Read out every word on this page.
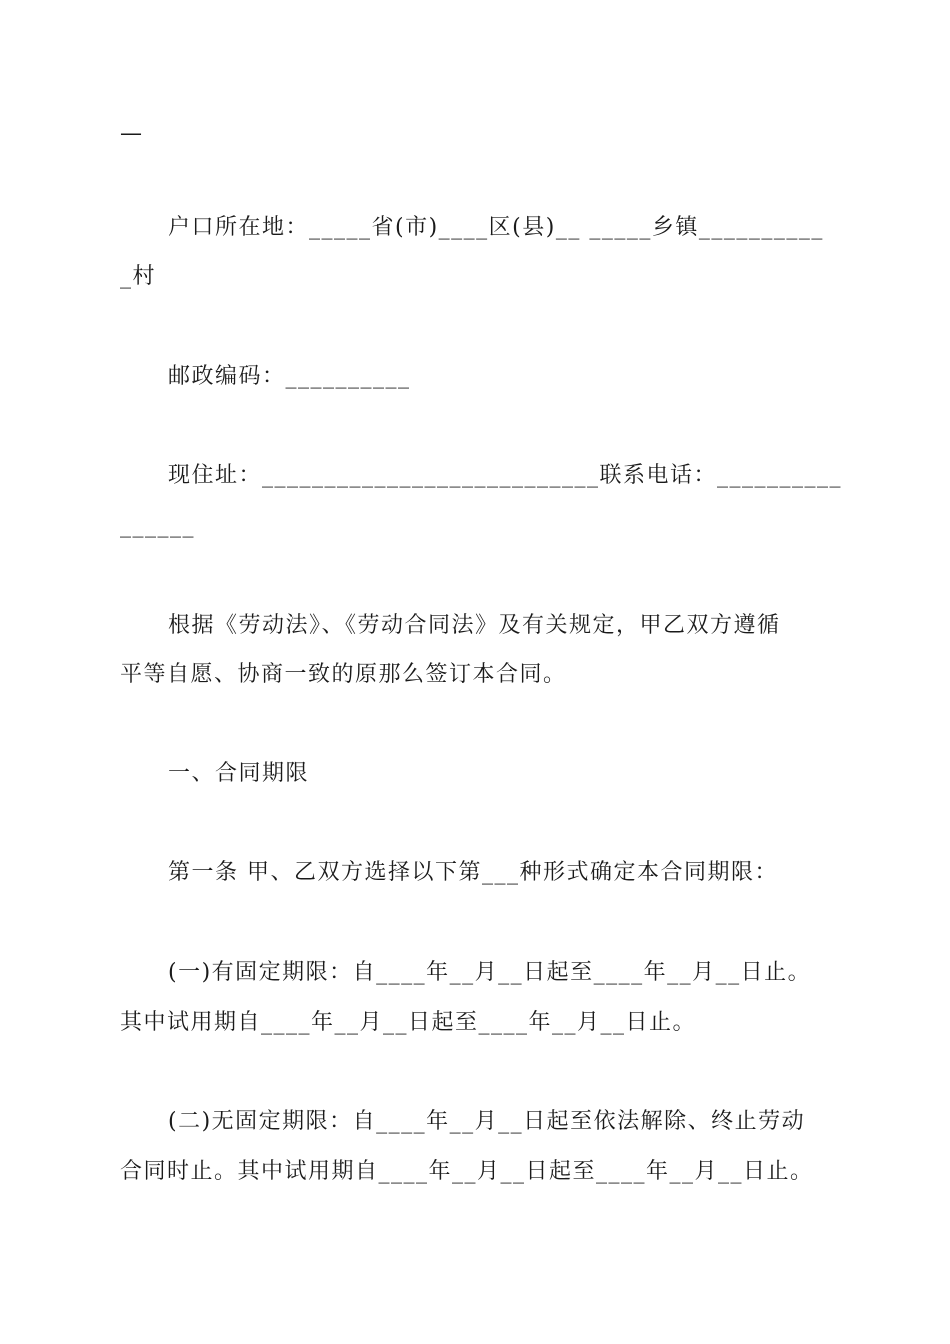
—
户口所在地：_____省(市)____区(县)__ _____乡镇__________
_村
邮政编码：__________
现住址：___________________________联系电话：__________
______
根据《劳动法》、《劳动合同法》及有关规定，甲乙双方遵循
平等自愿、协商一致的原那么签订本合同。
一、合同期限
第一条 甲、乙双方选择以下第___种形式确定本合同期限：
(一)有固定期限：自____年__月__日起至____年__月__日止。
其中试用期自____年__月__日起至____年__月__日止。
(二)无固定期限：自____年__月__日起至依法解除、终止劳动
合同时止。其中试用期自____年__月__日起至____年__月__日止。
